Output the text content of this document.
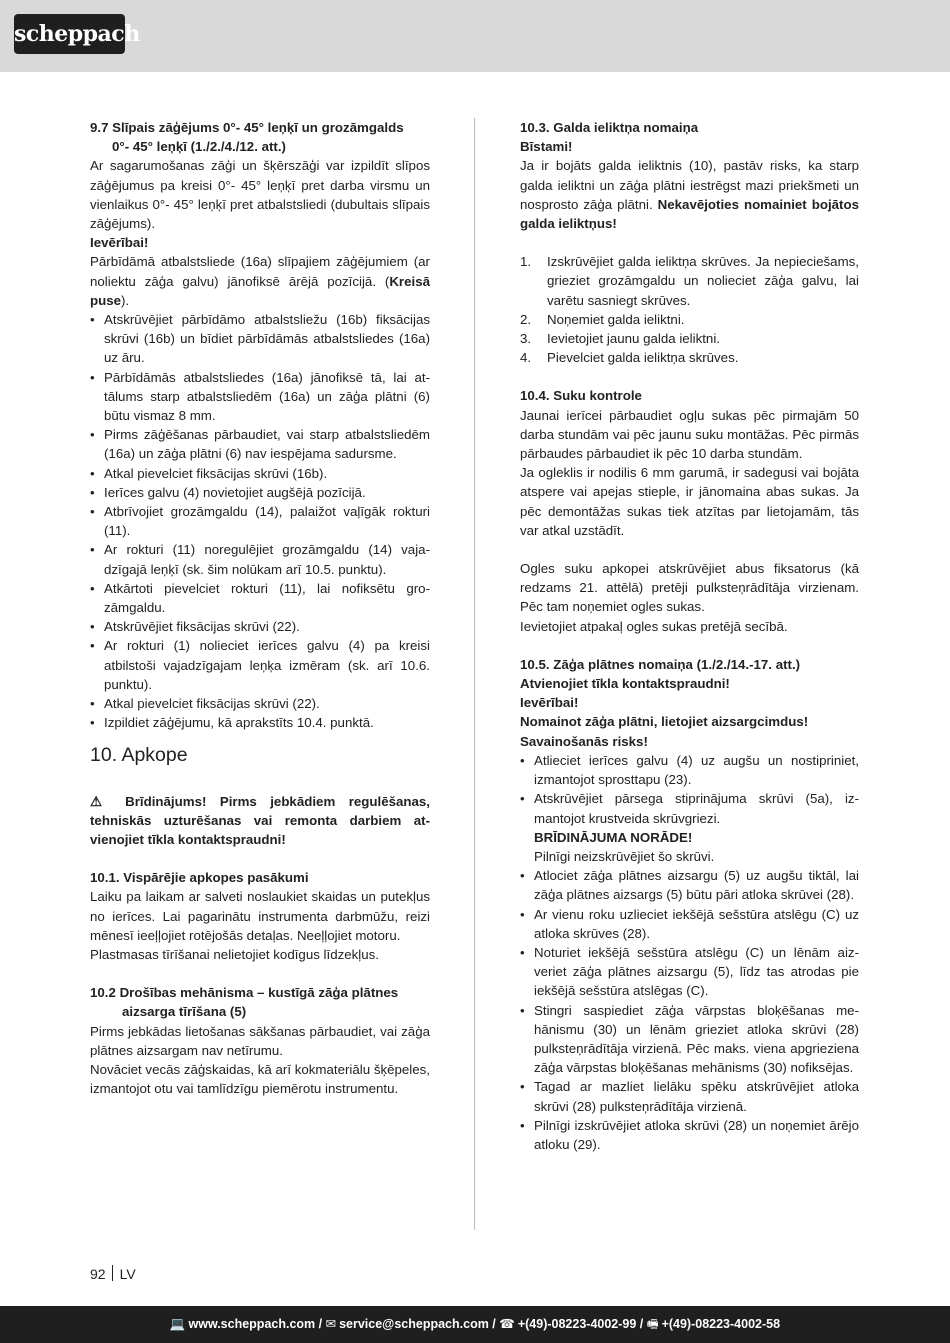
scheppach

9.7 Slīpais zāģējums 0°- 45° leņķī un grozāmgalds

0°- 45° leņķī (1./2./4./12. att.)

Ar sagarumošanas zāģi un šķērszāģi var izpildīt slīpos zāģējumus pa kreisi 0°- 45° leņķī pret darba virsmu un vienlaikus 0°- 45° leņķī pret atbalstsliedi (dubultais slīpais zāģējums).

Ievērībai!

Pārbīdāmā atbalstsliede (16a) slīpajiem zāģējumiem (ar noliektu zāģa galvu) jānofiksē ārējā pozīcijā. (Kreisā puse).

• Atskrūvējiet pārbīdāmo atbalstsliežu (16b) fiksācijas skrūvi (16b) un bīdiet pārbīdāmās atbalstsliedes (16a) uz āru.
• Pārbīdāmās atbalstsliedes (16a) jānofiksē tā, lai attālums starp atbalstsliedēm (16a) un zāģa plātni (6) būtu vismaz 8 mm.
• Pirms zāģēšanas pārbaudiet, vai starp atbalstsliedēm (16a) un zāģa plātni (6) nav iespējama sadursme.
• Atkal pievelciet fiksācijas skrūvi (16b).
• Ierīces galvu (4) novietojiet augšējā pozīcijā.
• Atbrīvojiet grozāmgaldu (14), palaižot vaļīgāk rokturi (11).
• Ar rokturi (11) noregulējiet grozāmgaldu (14) vajadzīgajā leņķī (sk. šim nolūkam arī 10.5. punktu).
• Atkārtoti pievelciet rokturi (11), lai nofiksētu grozāmgaldu.
• Atskrūvējiet fiksācijas skrūvi (22).
• Ar rokturi (1) nolieciet ierīces galvu (4) pa kreisi atbilstoši vajadzīgajam leņķa izmēram (sk. arī 10.6. punktu).
• Atkal pievelciet fiksācijas skrūvi (22).
• Izpildiet zāģējumu, kā aprakstīts 10.4. punktā.
10. Apkope

⚠ Brīdinājums! Pirms jebkādiem regulēšanas, tehniskās uzturēšanas vai remonta darbiem atvienojiet tīkla kontaktspraudni!

10.1. Vispārējie apkopes pasākumi

Laiku pa laikam ar salveti noslaukiet skaidas un putekļus no ierīces. Lai pagarinātu instrumenta darbmūžu, reizi mēnesī ieeļļojiet rotējošās detaļas. Neeļļojiet motoru.

Plastmasas tīrīšanai nelietojiet kodīgus līdzekļus.

10.2 Drošības mehānisma – kustīgā zāģa plātnes

aizsarga tīrīšana (5)

Pirms jebkādas lietošanas sākšanas pārbaudiet, vai zāģa plātnes aizsargam nav netīrumu.

Novāciet vecās zāģskaidas, kā arī kokmateriālu šķēpeles, izmantojot otu vai tamlīdzīgu piemērotu instrumentu.

10.3. Galda ieliktņa nomaiņa

Bīstami!

Ja ir bojāts galda ieliktnis (10), pastāv risks, ka starp galda ieliktni un zāģa plātni iestrēgst mazi priekšmeti un nosprosto zāģa plātni. Nekavējoties nomainiet bojātos galda ieliktņus!

1. Izskrūvējiet galda ieliktņa skrūves. Ja nepieciešams, grieziet grozāmgaldu un nolieciet zāģa galvu, lai varētu sasniegt skrūves.
2. Noņemiet galda ieliktni.
3. Ievietojiet jaunu galda ieliktni.
4. Pievelciet galda ieliktņa skrūves.

10.4. Suku kontrole

Jaunai ierīcei pārbaudiet ogļu sukas pēc pirmajām 50 darba stundām vai pēc jaunu suku montāžas. Pēc pirmās pārbaudes pārbaudiet ik pēc 10 darba stundām.

Ja ogleklis ir nodilis 6 mm garumā, ir sadegusi vai bojāta atspere vai apejas stieple, ir jānomaina abas sukas. Ja pēc demontāžas sukas tiek atzītas par lietojamām, tās var atkal uzstādīt.

Ogles suku apkopei atskrūvējiet abus fiksatorus (kā redzams 21. attēlā) pretēji pulksteņrādītāja virzienam. Pēc tam noņemiet ogles sukas.

Ievietojiet atpakaļ ogles sukas pretējā secībā.

10.5. Zāģa plātnes nomaiņa (1./2./14.-17. att.)

Atvienojiet tīkla kontaktspraudni!

Ievērībai!

Nomainot zāģa plātni, lietojiet aizsargcimdus!

Savainošanās risks!

• Atlieciet ierīces galvu (4) uz augšu un nostipriniet, izmantojot sprosttapu (23).
• Atskrūvējiet pārsega stiprinājuma skrūvi (5a), izmantojot krustveida skrūvgriezi.
BRĪDINĀJUMA NORĀDE!
Pilnīgi neizskrūvējiet šo skrūvi.
• Atlociet zāģa plātnes aizsargu (5) uz augšu tiktāl, lai zāģa plātnes aizsargs (5) būtu pāri atloka skrūvei (28).
• Ar vienu roku uzlieciet iekšējā sešstūra atslēgu (C) uz atloka skrūves (28).
• Noturiet iekšējā sešstūra atslēgu (C) un lēnām aizveriet zāģa plātnes aizsargu (5), līdz tas atrodas pie iekšējā sešstūra atslēgas (C).
• Stingri saspiediet zāģa vārpstas bloķēšanas mehānismu (30) un lēnām grieziet atloka skrūvi (28) pulksteņrādītāja virzienā. Pēc maks. viena apgrieziena zāģa vārpstas bloķēšanas mehānisms (30) nofiksējas.
• Tagad ar mazliet lielāku spēku atskrūvējiet atloka skrūvi (28) pulksteņrādītāja virzienā.
• Pilnīgi izskrūvējiet atloka skrūvi (28) un noņemiet ārējo atloku (29).
92 LV
💻 www.scheppach.com / ✉ service@scheppach.com / ☎ +(49)-08223-4002-99 / 🖷 +(49)-08223-4002-58
